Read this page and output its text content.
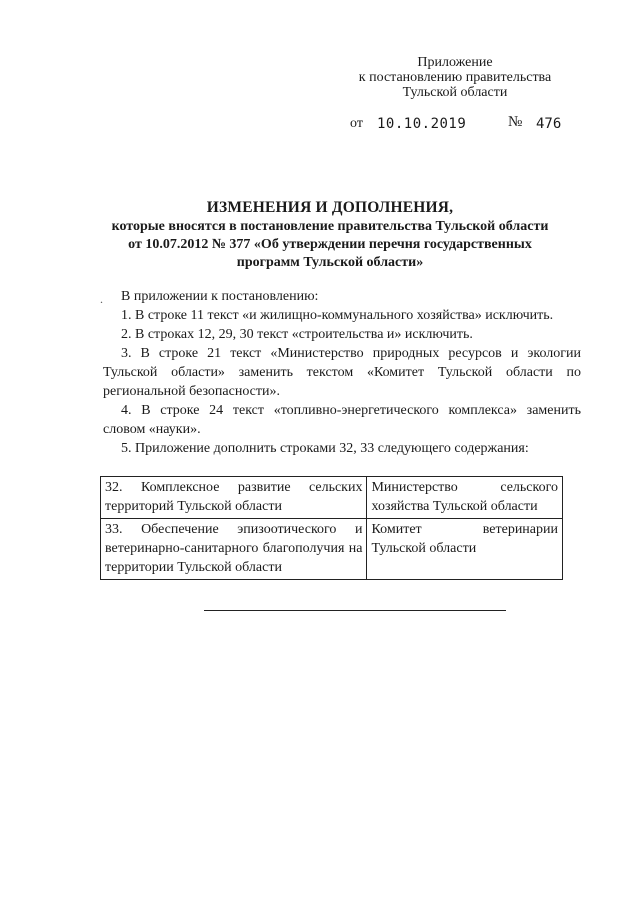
Приложение
к постановлению правительства
Тульской области
от 10.10.2019	№ 476
ИЗМЕНЕНИЯ И ДОПОЛНЕНИЯ,
которые вносятся в постановление правительства Тульской области
от 10.07.2012 № 377 «Об утверждении перечня государственных
программ Тульской области»
.	В приложении к постановлению:

1. В строке 11 текст «и жилищно-коммунального хозяйства» исключить.

2. В строках 12, 29, 30 текст «строительства и» исключить.

3. В строке 21 текст «Министерство природных ресурсов и экологии Тульской области» заменить текстом «Комитет Тульской области по региональной безопасности».

4. В строке 24 текст «топливно-энергетического комплекса» заменить словом «науки».

5. Приложение дополнить строками 32, 33 следующего содержания:

32. Комплексное развитие сельских территорий Тульской области	Министерство сельского хозяйства Тульской области
33. Обеспечение эпизоотического и ветеринарно-санитарного благополучия на территории Тульской области	Комитет ветеринарии Тульской области
